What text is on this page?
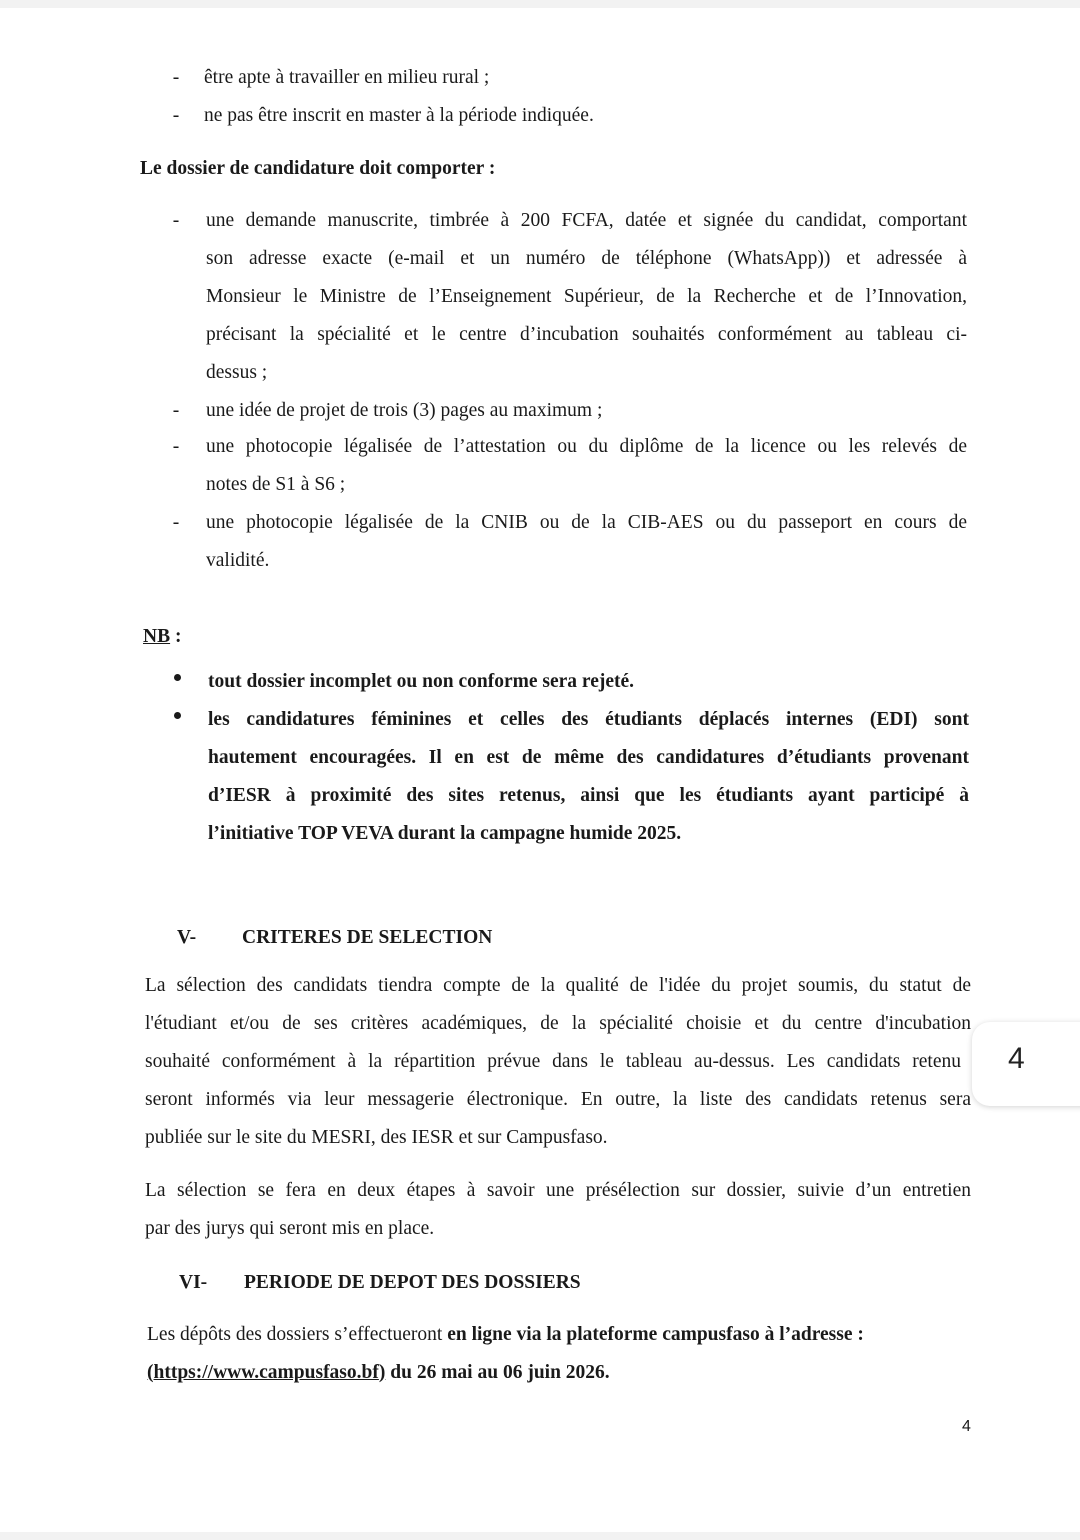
-	être apte à travailler en milieu rural ;
-	ne pas être inscrit en master à la période indiquée.
Le dossier de candidature doit comporter :
-	une demande manuscrite, timbrée à 200 FCFA, datée et signée du candidat, comportant
son adresse exacte (e-mail et un numéro de téléphone (WhatsApp)) et adressée à
Monsieur le Ministre de l’Enseignement Supérieur, de la Recherche et de l’Innovation,
précisant la spécialité et le centre d’incubation souhaités conformément au tableau ci-
dessus ;
-	une idée de projet de trois (3) pages au maximum ;
-	une photocopie légalisée de l’attestation ou du diplôme de la licence ou les relevés de
notes de S1 à S6 ;
-	une photocopie légalisée de la CNIB ou de la CIB-AES ou du passeport en cours de
validité.
NB :
tout dossier incomplet ou non conforme sera rejeté.
les candidatures féminines et celles des étudiants déplacés internes (EDI) sont
hautement encouragées. Il en est de même des candidatures d’étudiants provenant
d’IESR à proximité des sites retenus, ainsi que les étudiants ayant participé à
l’initiative TOP VEVA durant la campagne humide 2025.
V- CRITERES DE SELECTION
La sélection des candidats tiendra compte de la qualité de l'idée du projet soumis, du statut de
l'étudiant et/ou de ses critères académiques, de la spécialité choisie et du centre d'incubation
souhaité conformément à la répartition prévue dans le tableau au-dessus. Les candidats retenu
seront informés via leur messagerie électronique. En outre, la liste des candidats retenus sera
publiée sur le site du MESRI, des IESR et sur Campusfaso.
La sélection se fera en deux étapes à savoir une présélection sur dossier, suivie d’un entretien
par des jurys qui seront mis en place.
VI- PERIODE DE DEPOT DES DOSSIERS
Les dépôts des dossiers s’effectueront en ligne via la plateforme campusfaso à l’adresse :
(https://www.campusfaso.bf) du 26 mai au 06 juin 2026.
4
4
